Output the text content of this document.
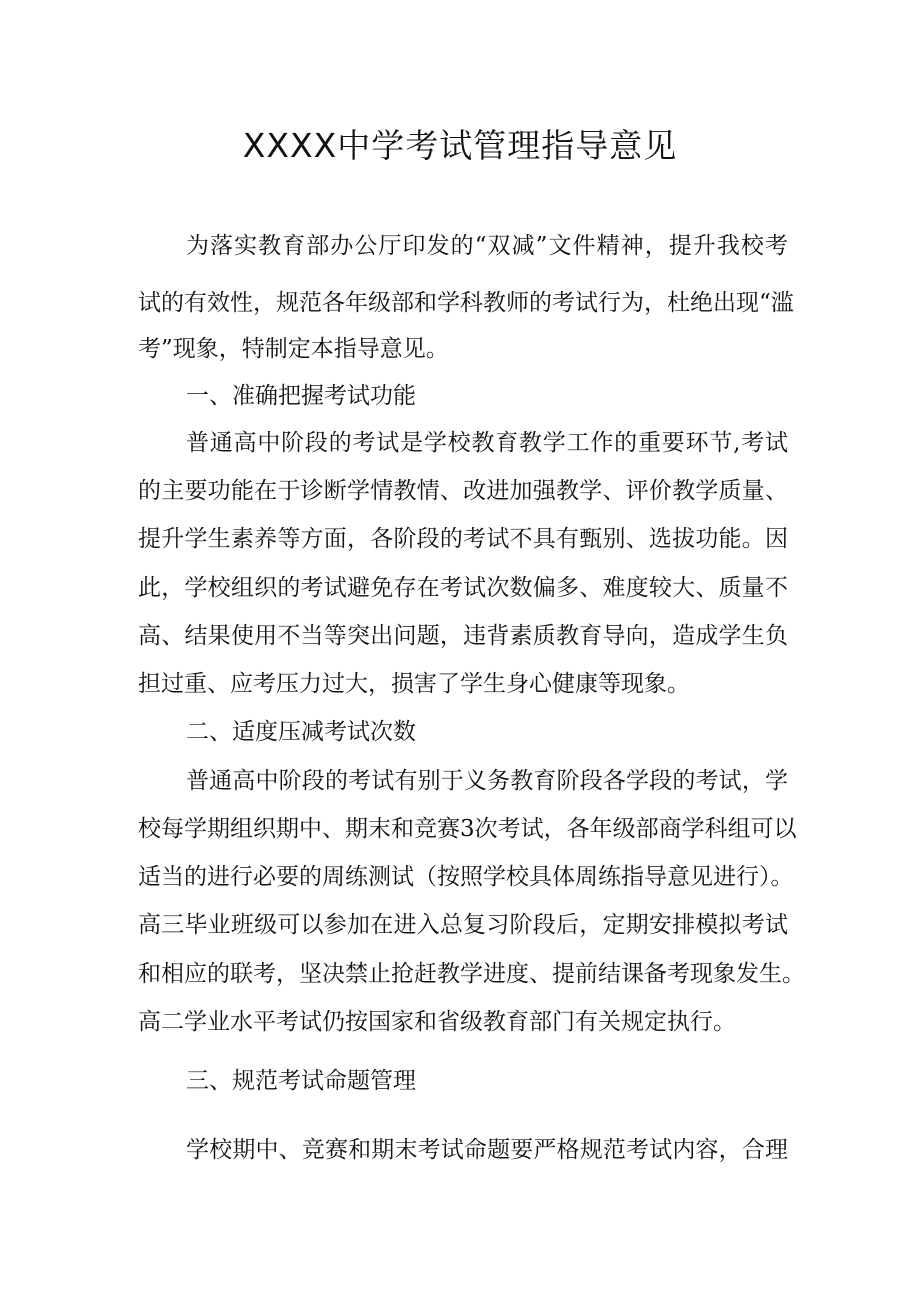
XXXX中学考试管理指导意见
为落实教育部办公厅印发的“双减”文件精神，提升我校考
试的有效性，规范各年级部和学科教师的考试行为，杜绝出现“滥
考”现象，特制定本指导意见。
一、准确把握考试功能
普通高中阶段的考试是学校教育教学工作的重要环节,考试
的主要功能在于诊断学情教情、改进加强教学、评价教学质量、
提升学生素养等方面，各阶段的考试不具有甄别、选拔功能。因
此，学校组织的考试避免存在考试次数偏多、难度较大、质量不
高、结果使用不当等突出问题，违背素质教育导向，造成学生负
担过重、应考压力过大，损害了学生身心健康等现象。
二、适度压减考试次数
普通高中阶段的考试有别于义务教育阶段各学段的考试，学
校每学期组织期中、期末和竞赛3次考试，各年级部商学科组可以
适当的进行必要的周练测试（按照学校具体周练指导意见进行）。
高三毕业班级可以参加在进入总复习阶段后，定期安排模拟考试
和相应的联考，坚决禁止抢赶教学进度、提前结课备考现象发生。
高二学业水平考试仍按国家和省级教育部门有关规定执行。
三、规范考试命题管理
学校期中、竞赛和期末考试命题要严格规范考试内容，合理
